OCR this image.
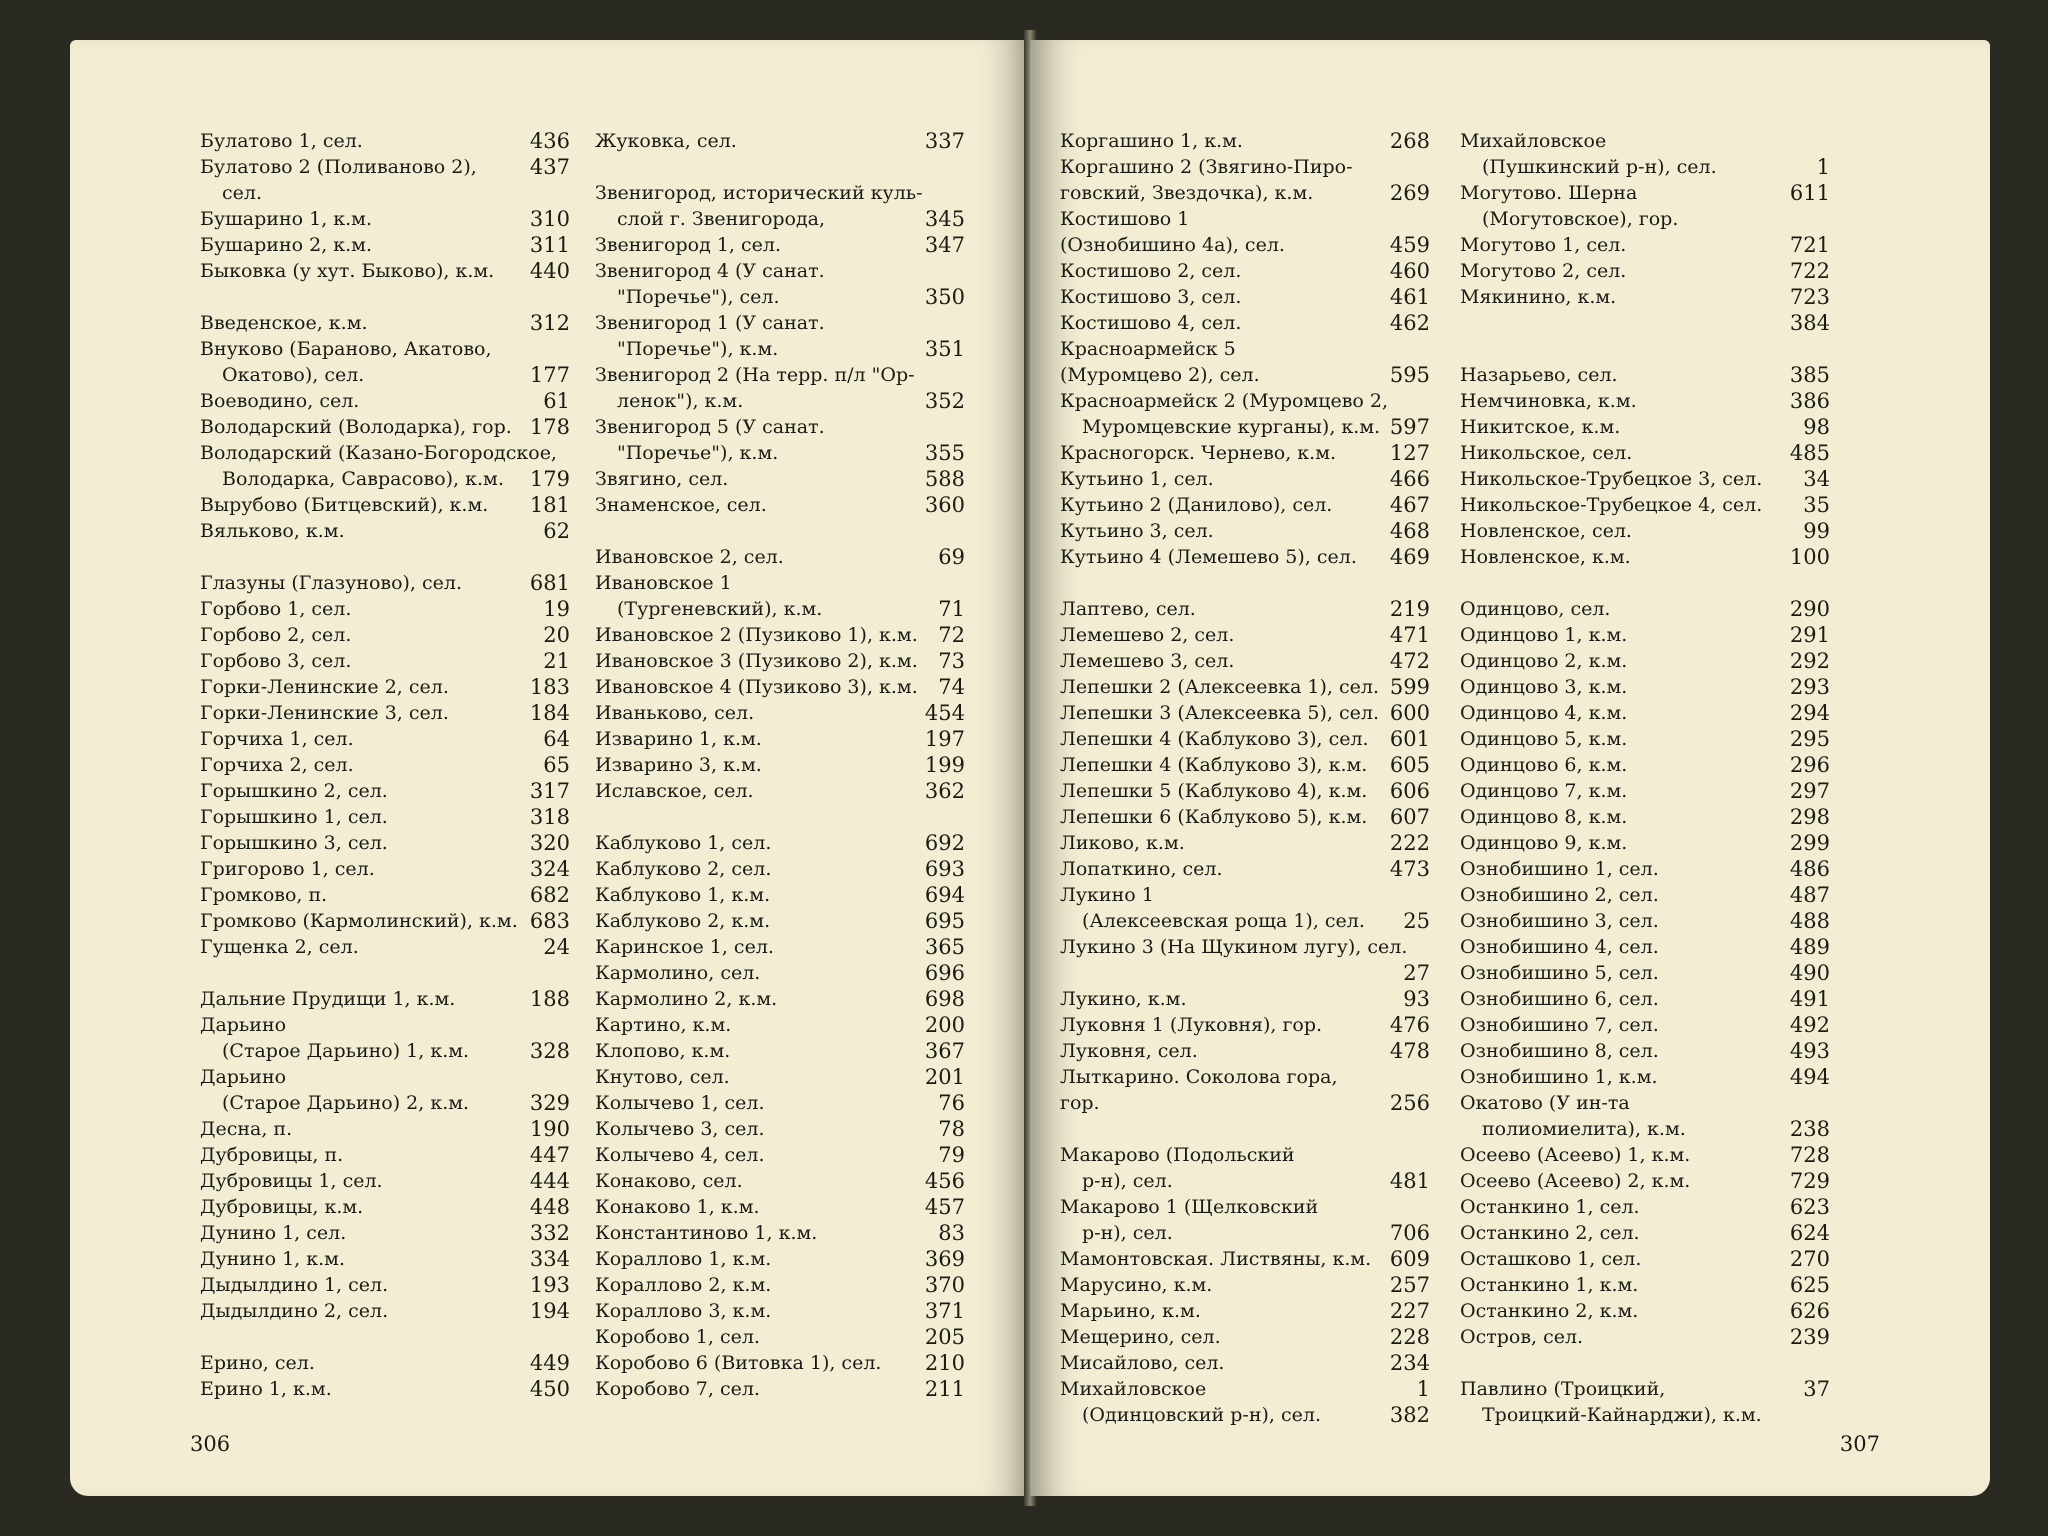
Булатово 1, сел.	436
Булатово 2 (Поливаново 2),	437
сел.
Бушарино 1, к.м.	310
Бушарино 2, к.м.	311
Быковка (у хут. Быково), к.м.	440
Введенское, к.м.	312
Внуково (Бараново, Акатово,
Окатово), сел.	177
Воеводино, сел.	61
Володарский (Володарка), гор. 178
Володарский (Казано-Богородское,
Володарка, Саврасово), к.м.	179
Вырубово (Битцевский), к.м.	181
Вяльково, к.м.	62
Глазуны (Глазуново), сел.	681
Горбово 1, сел.	19
Горбово 2, сел.	20
Горбово 3, сел.	21
Горки-Ленинские 2, сел.	183
Горки-Ленинские 3, сел.	184
Горчиха 1, сел.	64
Горчиха 2, сел.	65
Горышкино 2, сел.	317
Горышкино 1, сел.	318
Горышкино 3, сел.	320
Григорово 1, сел.	324
Громково, п.	682
Громково (Кармолинский), к.м. 683
Гущенка 2, сел.	24
Дальние Прудищи 1, к.м.	188
Дарьино
(Старое Дарьино) 1, к.м.	328
Дарьино
(Старое Дарьино) 2, к.м.	329
Десна, п.	190
Дубровицы, п.	447
Дубровицы 1, сел.	444
Дубровицы, к.м.	448
Дунино 1, сел.	332
Дунино 1, к.м.	334
Дыдылдино 1, сел.	193
Дыдылдино 2, сел.	194
Ерино, сел.	449
Ерино 1, к.м.	450
Жуковка, сел.	337
Звенигород, исторический куль-
слой г. Звенигорода,	345
Звенигород 1, сел.	347
Звенигород 4 (У санат.
"Поречье"), сел.	350
Звенигород 1 (У санат.
"Поречье"), к.м.	351
Звенигород 2 (На терр. п/л "Ор-
ленок"), к.м.	352
Звенигород 5 (У санат.
"Поречье"), к.м.	355
Звягино, сел.	588
Знаменское, сел.	360
Ивановское 2, сел.	69
Ивановское 1
(Тургеневский), к.м.	71
Ивановское 2 (Пузиково 1), к.м. 72
Ивановское 3 (Пузиково 2), к.м. 73
Ивановское 4 (Пузиково 3), к.м. 74
Иванькoво, сел.	454
Изварино 1, к.м.	197
Изварино 3, к.м.	199
Иславское, сел.	362
Каблуково 1, сел.	692
Каблуково 2, сел.	693
Каблуково 1, к.м.	694
Каблуково 2, к.м.	695
Каринское 1, сел.	365
Кармолино, сел.	696
Кармолино 2, к.м.	698
Картино, к.м.	200
Клопово, к.м.	367
Кнутово, сел.	201
Колычево 1, сел.	76
Колычево 3, сел.	78
Колычево 4, сел.	79
Конаково, сел.	456
Конаково 1, к.м.	457
Константиново 1, к.м.	83
Кораллово 1, к.м.	369
Кораллово 2, к.м.	370
Кораллово 3, к.м.	371
Коробово 1, сел.	205
Коробово 6 (Витовка 1), сел.	210
Коробово 7, сел.	211
306
Коргашино 1, к.м.	268
Коргашино 2 (Звягино-Пиро-
говский, Звездочка), к.м.	269
Костишово 1
(Ознобишино 4а), сел.	459
Костишово 2, сел.	460
Костишово 3, сел.	461
Костишово 4, сел.	462
Красноармейск 5
(Муромцево 2), сел.	595
Красноармейск 2 (Муромцево 2,
Муромцевские курганы), к.м. 597
Красногорск. Чернево, к.м.	127
Кутьино 1, сел.	466
Кутьино 2 (Данилово), сел.	467
Кутьино 3, сел.	468
Кутьино 4 (Лемешево 5), сел.	469
Лаптево, сел.	219
Лемешево 2, сел.	471
Лемешево 3, сел.	472
Лепешки 2 (Алексеевка 1), сел. 599
Лепешки 3 (Алексеевка 5), сел. 600
Лепешки 4 (Каблуково 3), сел.	601
Лепешки 4 (Каблуково 3), к.м.	605
Лепешки 5 (Каблуково 4), к.м.	606
Лепешки 6 (Каблуково 5), к.м.	607
Ликово, к.м.	222
Лопаткино, сел.	473
Лукино 1
(Алексеевская роща 1), сел.	25
Лукино 3 (На Щукином лугу), сел.
27
Лукино, к.м.	93
Луковня 1 (Луковня), гор.	476
Луковня, сел.	478
Лыткарино. Соколова гора, гор.	256
Макарово (Подольский
р-н), сел.	481
Макарово 1 (Щелковский
р-н), сел.	706
Мамонтовская. Листвяны, к.м. 609
Марусино, к.м.	257
Марьино, к.м.	227
Мещерино, сел.	228
Мисайлово, сел.	234
Михайловское	1
(Одинцовский р-н), сел.	382
Михайловское
(Пушкинский р-н), сел.	1
Могутово. Шерна	611
(Могутовское), гор.
Могутово 1, сел.	721
Могутово 2, сел.	722
Мякинино, к.м.	723
384
Назарьево, сел.	385
Немчиновка, к.м.	386
Никитское, к.м.	98
Никольское, сел.	485
Никольское-Трубецкое 3, сел.	34
Никольское-Трубецкое 4, сел.	35
Новленское, сел.	99
Новленское, к.м.	100
Одинцово, сел.	290
Одинцово 1, к.м.	291
Одинцово 2, к.м.	292
Одинцово 3, к.м.	293
Одинцово 4, к.м.	294
Одинцово 5, к.м.	295
Одинцово 6, к.м.	296
Одинцово 7, к.м.	297
Одинцово 8, к.м.	298
Одинцово 9, к.м.	299
Ознобишино 1, сел.	486
Ознобишино 2, сел.	487
Ознобишино 3, сел.	488
Ознобишино 4, сел.	489
Ознобишино 5, сел.	490
Ознобишино 6, сел.	491
Ознобишино 7, сел.	492
Ознобишино 8, сел.	493
Ознобишино 1, к.м.	494
Окатово (У ин-та
полиомиелита), к.м.	238
Осеево (Асеево) 1, к.м.	728
Осеево (Асеево) 2, к.м.	729
Останкино 1, сел.	623
Останкино 2, сел.	624
Осташково 1, сел.	270
Останкино 1, к.м.	625
Останкино 2, к.м.	626
Остров, сел.	239
Павлино (Троицкий,	37
Троицкий-Кайнарджи), к.м.
307
